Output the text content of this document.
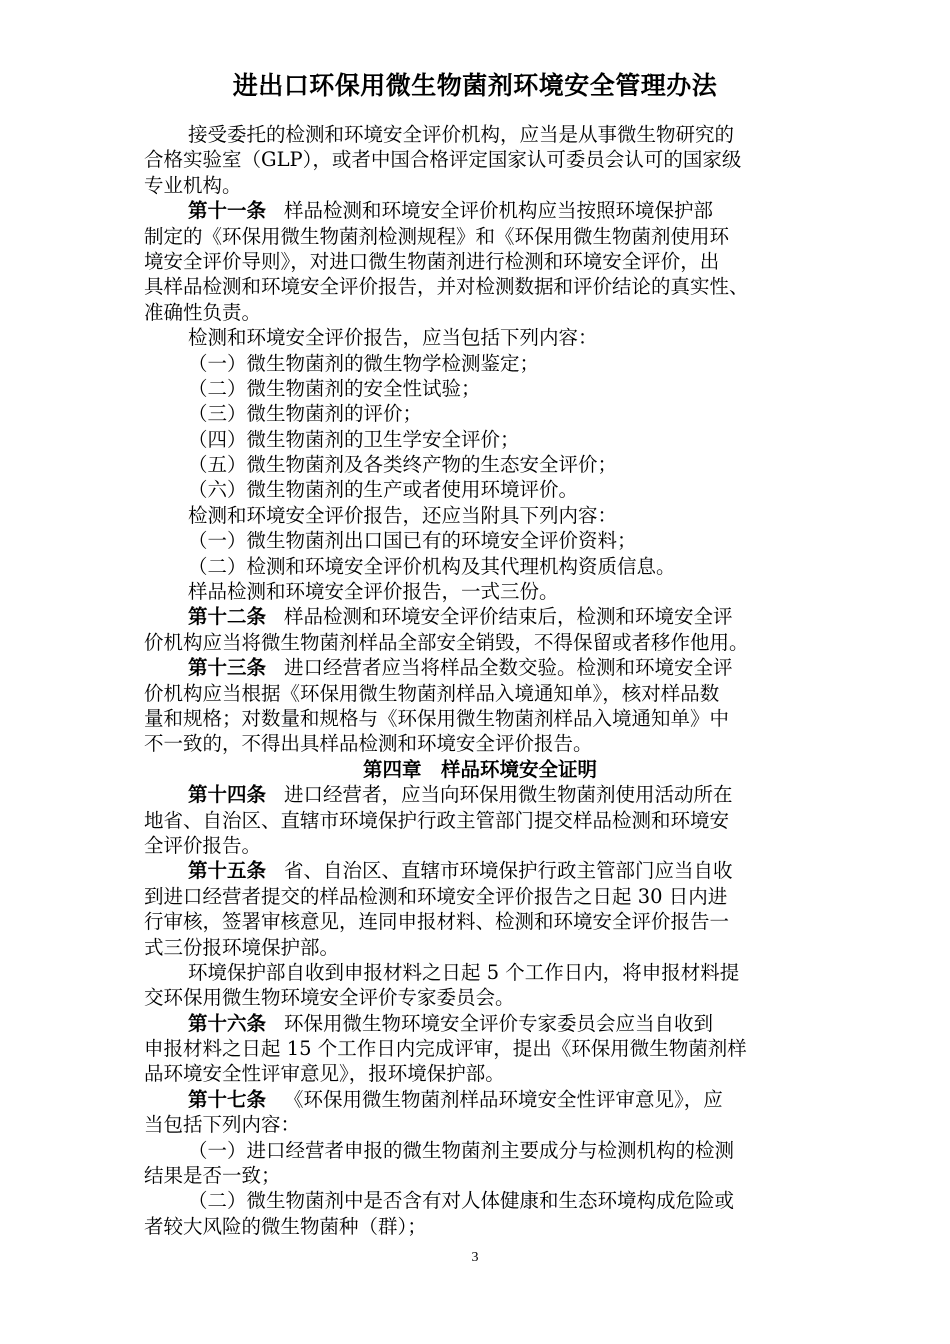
进出口环保用微生物菌剂环境安全管理办法
接受委托的检测和环境安全评价机构，应当是从事微生物研究的
合格实验室（GLP），或者中国合格评定国家认可委员会认可的国家级
专业机构。
第十一条 样品检测和环境安全评价机构应当按照环境保护部
制定的《环保用微生物菌剂检测规程》和《环保用微生物菌剂使用环
境安全评价导则》，对进口微生物菌剂进行检测和环境安全评价，出
具样品检测和环境安全评价报告，并对检测数据和评价结论的真实性、
准确性负责。
检测和环境安全评价报告，应当包括下列内容：
（一）微生物菌剂的微生物学检测鉴定；
（二）微生物菌剂的安全性试验；
（三）微生物菌剂的评价；
（四）微生物菌剂的卫生学安全评价；
（五）微生物菌剂及各类终产物的生态安全评价；
（六）微生物菌剂的生产或者使用环境评价。
检测和环境安全评价报告，还应当附具下列内容：
（一）微生物菌剂出口国已有的环境安全评价资料；
（二）检测和环境安全评价机构及其代理机构资质信息。
样品检测和环境安全评价报告，一式三份。
第十二条 样品检测和环境安全评价结束后，检测和环境安全评
价机构应当将微生物菌剂样品全部安全销毁，不得保留或者移作他用。
第十三条 进口经营者应当将样品全数交验。检测和环境安全评
价机构应当根据《环保用微生物菌剂样品入境通知单》，核对样品数
量和规格；对数量和规格与《环保用微生物菌剂样品入境通知单》中
不一致的，不得出具样品检测和环境安全评价报告。
第四章　样品环境安全证明
第十四条 进口经营者，应当向环保用微生物菌剂使用活动所在
地省、自治区、直辖市环境保护行政主管部门提交样品检测和环境安
全评价报告。
第十五条 省、自治区、直辖市环境保护行政主管部门应当自收
到进口经营者提交的样品检测和环境安全评价报告之日起 30 日内进
行审核，签署审核意见，连同申报材料、检测和环境安全评价报告一
式三份报环境保护部。
环境保护部自收到申报材料之日起 5 个工作日内，将申报材料提
交环保用微生物环境安全评价专家委员会。
第十六条 环保用微生物环境安全评价专家委员会应当自收到
申报材料之日起 15 个工作日内完成评审，提出《环保用微生物菌剂样
品环境安全性评审意见》，报环境保护部。
第十七条 《环保用微生物菌剂样品环境安全性评审意见》，应
当包括下列内容：
（一）进口经营者申报的微生物菌剂主要成分与检测机构的检测
结果是否一致；
（二）微生物菌剂中是否含有对人体健康和生态环境构成危险或
者较大风险的微生物菌种（群）；
3
